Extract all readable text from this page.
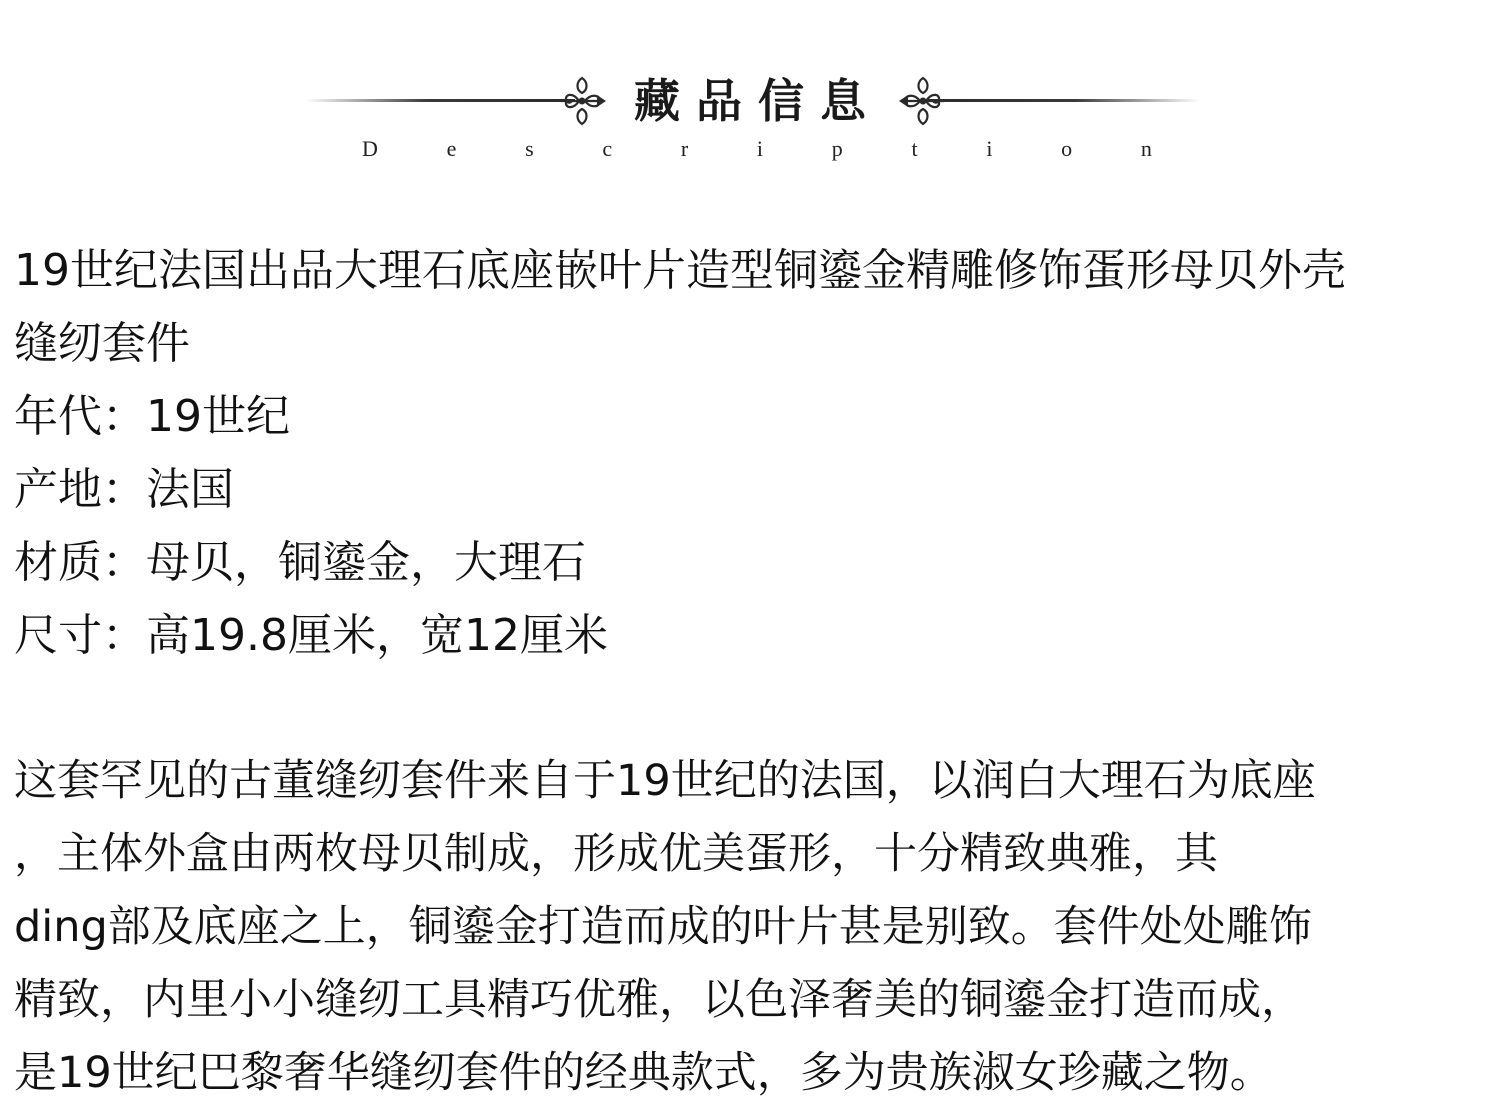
藏品信息
D	e	s	c	r	i	p	t	i	o	n

19世纪法国出品大理石底座嵌叶片造型铜鎏金精雕修饰蛋形母贝外壳

缝纫套件

年代：19世纪

产地：法国

材质：母贝，铜鎏金，大理石

尺寸：高19.8厘米，宽12厘米

这套罕见的古董缝纫套件来自于19世纪的法国，以润白大理石为底座

，主体外盒由两枚母贝制成，形成优美蛋形，十分精致典雅，其

ding部及底座之上，铜鎏金打造而成的叶片甚是别致。套件处处雕饰

精致，内里小小缝纫工具精巧优雅，以色泽奢美的铜鎏金打造而成，

是19世纪巴黎奢华缝纫套件的经典款式，多为贵族淑女珍藏之物。
